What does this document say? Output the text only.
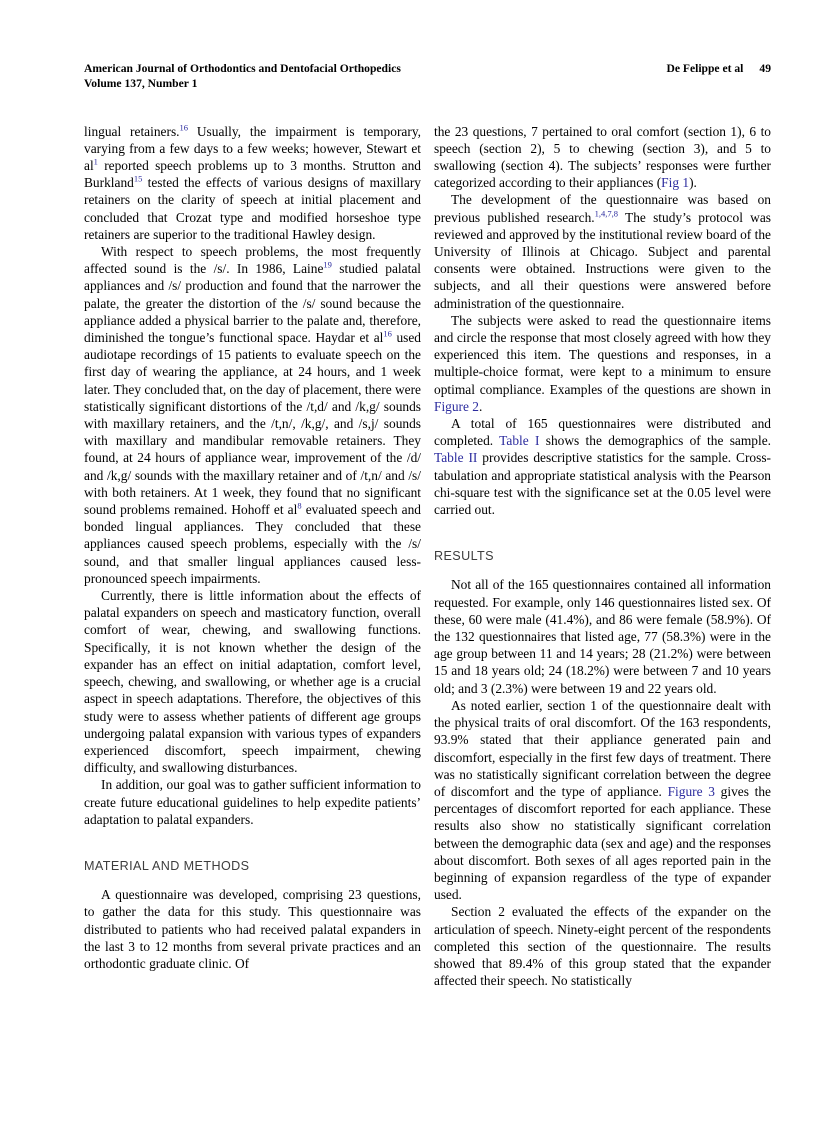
American Journal of Orthodontics and Dentofacial Orthopedics
Volume 137, Number 1
De Felippe et al 49

lingual retainers.$^{16}$ Usually, the impairment is temporary, varying from a few days to a few weeks; however, Stewart et al$^1$ reported speech problems up to 3 months. Strutton and Burkland$^{15}$ tested the effects of various designs of maxillary retainers on the clarity of speech at initial placement and concluded that Crozat type and modified horseshoe type retainers are superior to the traditional Hawley design.

With respect to speech problems, the most frequently affected sound is the /s/. In 1986, Laine$^{19}$ studied palatal appliances and /s/ production and found that the narrower the palate, the greater the distortion of the /s/ sound because the appliance added a physical barrier to the palate and, therefore, diminished the tongue’s functional space. Haydar et al$^{16}$ used audiotape recordings of 15 patients to evaluate speech on the first day of wearing the appliance, at 24 hours, and 1 week later. They concluded that, on the day of placement, there were statistically significant distortions of the /t,d/ and /k,g/ sounds with maxillary retainers, and the /t,n/, /k,g/, and /s,j/ sounds with maxillary and mandibular removable retainers. They found, at 24 hours of appliance wear, improvement of the /d/ and /k,g/ sounds with the maxillary retainer and of /t,n/ and /s/ with both retainers. At 1 week, they found that no significant sound problems remained. Hohoff et al$^8$ evaluated speech and bonded lingual appliances. They concluded that these appliances caused speech problems, especially with the /s/ sound, and that smaller lingual appliances caused less-pronounced speech impairments.

Currently, there is little information about the effects of palatal expanders on speech and masticatory function, overall comfort of wear, chewing, and swallowing functions. Specifically, it is not known whether the design of the expander has an effect on initial adaptation, comfort level, speech, chewing, and swallowing, or whether age is a crucial aspect in speech adaptations. Therefore, the objectives of this study were to assess whether patients of different age groups undergoing palatal expansion with various types of expanders experienced discomfort, speech impairment, chewing difficulty, and swallowing disturbances.

In addition, our goal was to gather sufficient information to create future educational guidelines to help expedite patients’ adaptation to palatal expanders.

MATERIAL AND METHODS

A questionnaire was developed, comprising 23 questions, to gather the data for this study. This questionnaire was distributed to patients who had received palatal expanders in the last 3 to 12 months from several private practices and an orthodontic graduate clinic. Of

the 23 questions, 7 pertained to oral comfort (section 1), 6 to speech (section 2), 5 to chewing (section 3), and 5 to swallowing (section 4). The subjects’ responses were further categorized according to their appliances (Fig 1).

The development of the questionnaire was based on previous published research.$^{1,4,7,8}$ The study’s protocol was reviewed and approved by the institutional review board of the University of Illinois at Chicago. Subject and parental consents were obtained. Instructions were given to the subjects, and all their questions were answered before administration of the questionnaire.

The subjects were asked to read the questionnaire items and circle the response that most closely agreed with how they experienced this item. The questions and responses, in a multiple-choice format, were kept to a minimum to ensure optimal compliance. Examples of the questions are shown in Figure 2.

A total of 165 questionnaires were distributed and completed. Table I shows the demographics of the sample. Table II provides descriptive statistics for the sample. Cross-tabulation and appropriate statistical analysis with the Pearson chi-square test with the significance set at the 0.05 level were carried out.

RESULTS

Not all of the 165 questionnaires contained all information requested. For example, only 146 questionnaires listed sex. Of these, 60 were male (41.4%), and 86 were female (58.9%). Of the 132 questionnaires that listed age, 77 (58.3%) were in the age group between 11 and 14 years; 28 (21.2%) were between 15 and 18 years old; 24 (18.2%) were between 7 and 10 years old; and 3 (2.3%) were between 19 and 22 years old.

As noted earlier, section 1 of the questionnaire dealt with the physical traits of oral discomfort. Of the 163 respondents, 93.9% stated that their appliance generated pain and discomfort, especially in the first few days of treatment. There was no statistically significant correlation between the degree of discomfort and the type of appliance. Figure 3 gives the percentages of discomfort reported for each appliance. These results also show no statistically significant correlation between the demographic data (sex and age) and the responses about discomfort. Both sexes of all ages reported pain in the beginning of expansion regardless of the type of expander used.

Section 2 evaluated the effects of the expander on the articulation of speech. Ninety-eight percent of the respondents completed this section of the questionnaire. The results showed that 89.4% of this group stated that the expander affected their speech. No statistically
